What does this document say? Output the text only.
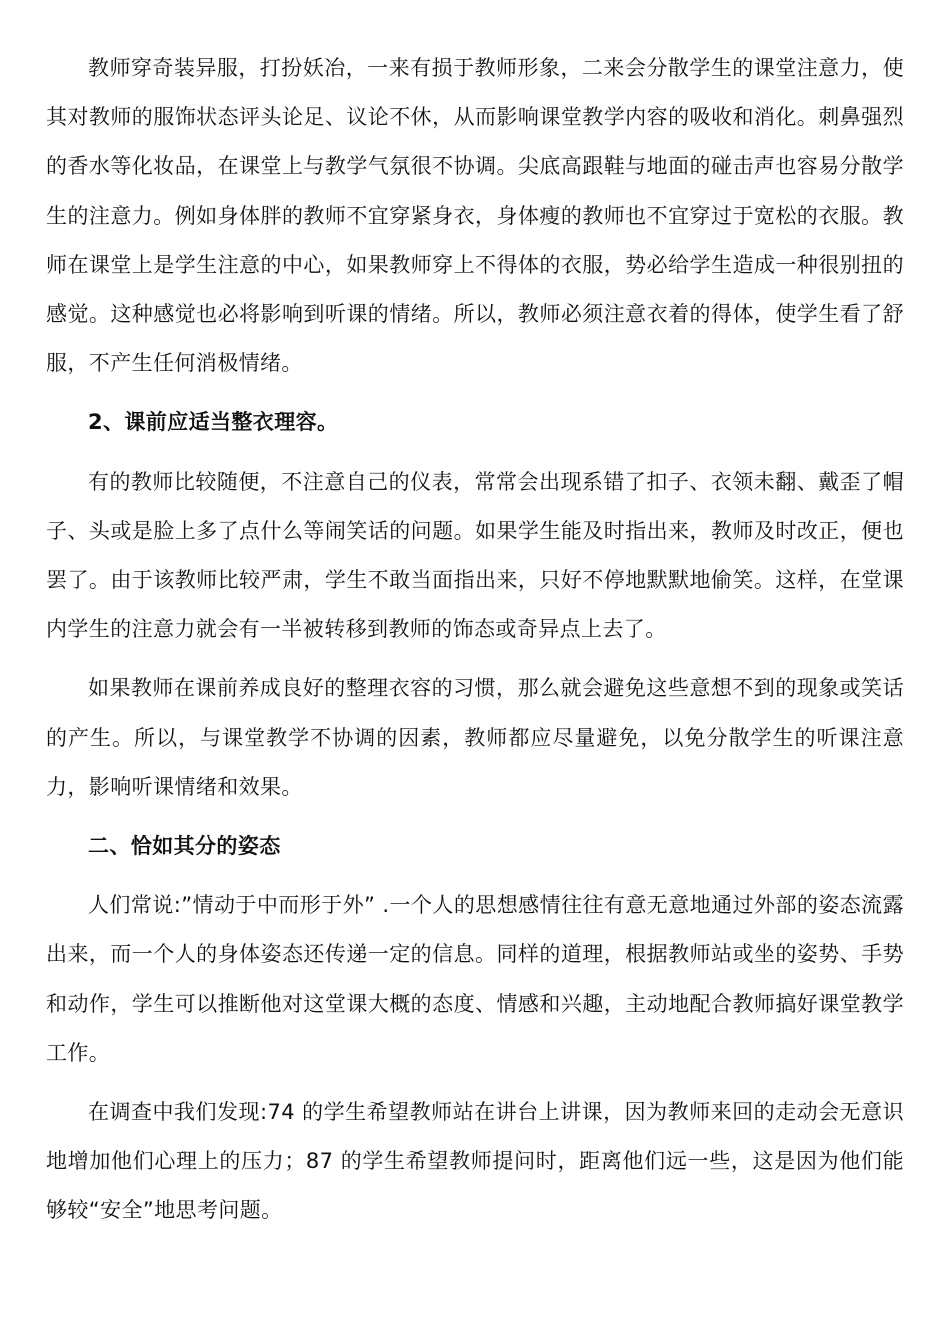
教师穿奇装异服，打扮妖冶，一来有损于教师形象，二来会分散学生的课堂注意力，使其对教师的服饰状态评头论足、议论不休，从而影响课堂教学内容的吸收和消化。刺鼻强烈的香水等化妆品，在课堂上与教学气氛很不协调。尖底高跟鞋与地面的碰击声也容易分散学生的注意力。例如身体胖的教师不宜穿紧身衣，身体瘦的教师也不宜穿过于宽松的衣服。教师在课堂上是学生注意的中心，如果教师穿上不得体的衣服，势必给学生造成一种很别扭的感觉。这种感觉也必将影响到听课的情绪。所以，教师必须注意衣着的得体，使学生看了舒服，不产生任何消极情绪。

2、课前应适当整衣理容。

有的教师比较随便，不注意自己的仪表，常常会出现系错了扣子、衣领未翻、戴歪了帽子、头或是脸上多了点什么等闹笑话的问题。如果学生能及时指出来，教师及时改正，便也罢了。由于该教师比较严肃，学生不敢当面指出来，只好不停地默默地偷笑。这样，在堂课内学生的注意力就会有一半被转移到教师的饰态或奇异点上去了。

如果教师在课前养成良好的整理衣容的习惯，那么就会避免这些意想不到的现象或笑话的产生。所以，与课堂教学不协调的因素，教师都应尽量避免，以免分散学生的听课注意力，影响听课情绪和效果。

二、恰如其分的姿态

人们常说:”情动于中而形于外” .一个人的思想感情往往有意无意地通过外部的姿态流露出来，而一个人的身体姿态还传递一定的信息。同样的道理，根据教师站或坐的姿势、手势和动作，学生可以推断他对这堂课大概的态度、情感和兴趣，主动地配合教师搞好课堂教学工作。

在调查中我们发现:74 的学生希望教师站在讲台上讲课，因为教师来回的走动会无意识地增加他们心理上的压力；87 的学生希望教师提问时，距离他们远一些，这是因为他们能够较“安全”地思考问题。
